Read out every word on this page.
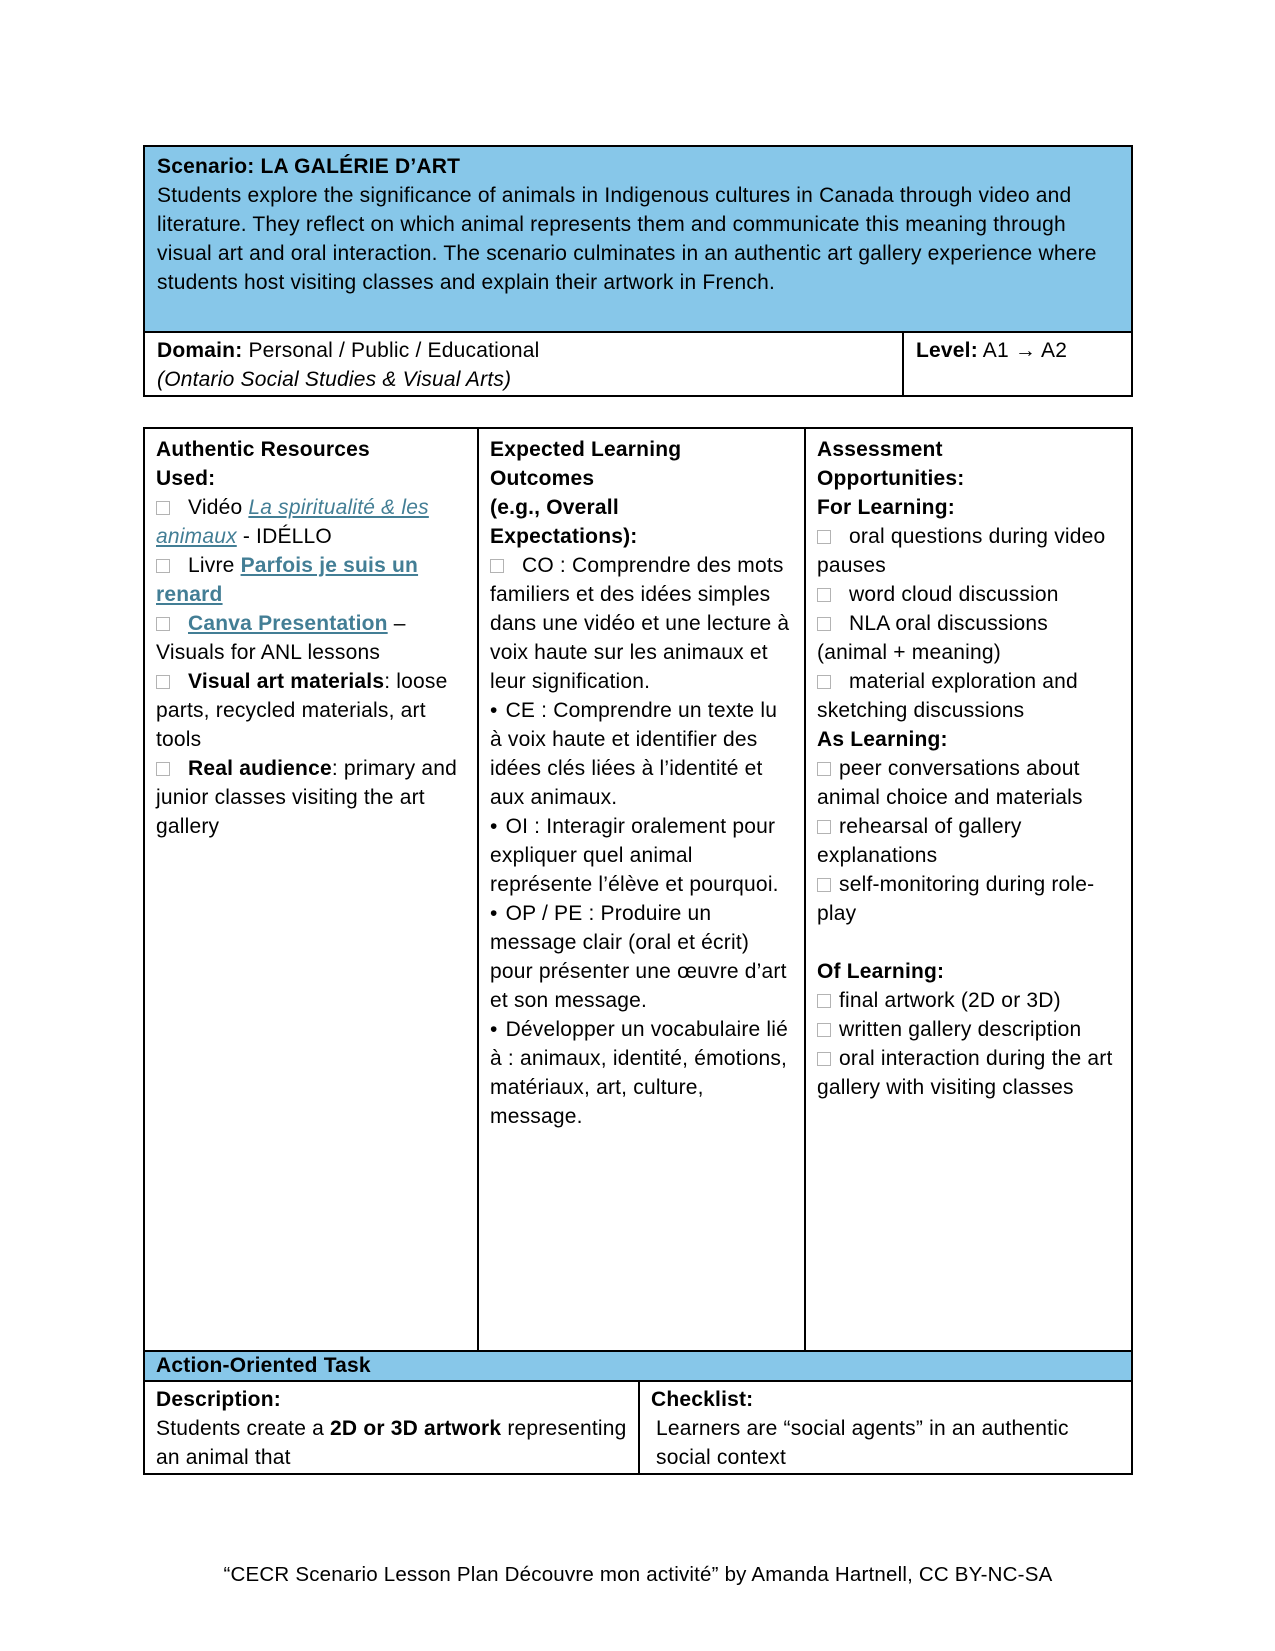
Scenario: LA GALÉRIE D’ART
Students explore the significance of animals in Indigenous cultures in Canada through video and literature. They reflect on which animal represents them and communicate this meaning through visual art and oral interaction. The scenario culminates in an authentic art gallery experience where students host visiting classes and explain their artwork in French.
Domain: Personal / Public / Educational
(Ontario Social Studies & Visual Arts)
Level: A1 → A2
Authentic Resources Used:
Vidéo La spiritualité & les animaux - IDÉLLO
Livre Parfois je suis un renard
Canva Presentation – Visuals for ANL lessons
Visual art materials: loose parts, recycled materials, art tools
Real audience: primary and junior classes visiting the art gallery
Expected Learning Outcomes
(e.g., Overall Expectations):
CO : Comprendre des mots familiers et des idées simples dans une vidéo et une lecture à voix haute sur les animaux et leur signification.
• CE : Comprendre un texte lu à voix haute et identifier des idées clés liées à l’identité et aux animaux.
• OI : Interagir oralement pour expliquer quel animal représente l’élève et pourquoi.
• OP / PE : Produire un message clair (oral et écrit) pour présenter une œuvre d’art et son message.
• Développer un vocabulaire lié à : animaux, identité, émotions, matériaux, art, culture, message.
Assessment Opportunities:
For Learning:
oral questions during video pauses
word cloud discussion
NLA oral discussions (animal + meaning)
material exploration and sketching discussions
As Learning:
peer conversations about animal choice and materials
rehearsal of gallery explanations
self-monitoring during role-play
Of Learning:
final artwork (2D or 3D)
written gallery description
oral interaction during the art gallery with visiting classes
Action-Oriented Task
Description:
Students create a 2D or 3D artwork representing an animal that
Checklist:
Learners are “social agents” in an authentic social context
“CECR Scenario Lesson Plan Découvre mon activité” by Amanda Hartnell, CC BY-NC-SA
